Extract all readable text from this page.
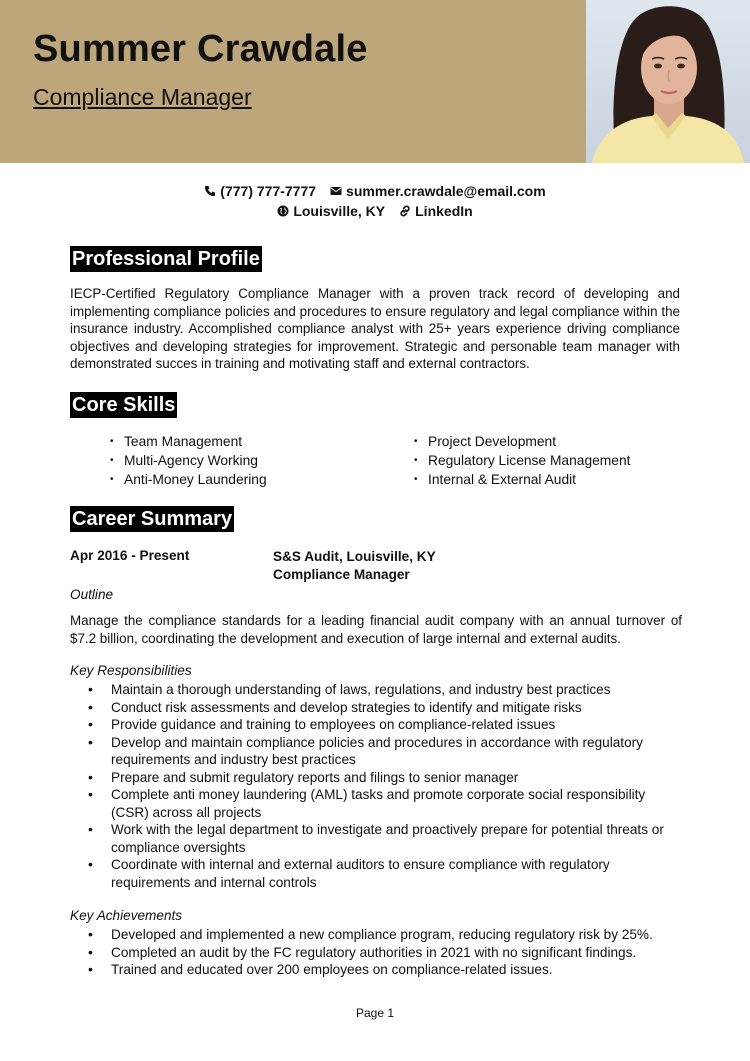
Summer Crawdale
Compliance Manager
(777) 777-7777 summer.crawdale@email.com
Louisville, KY LinkedIn
Professional Profile
IECP-Certified Regulatory Compliance Manager with a proven track record of developing and implementing compliance policies and procedures to ensure regulatory and legal compliance within the insurance industry. Accomplished compliance analyst with 25+ years experience driving compliance objectives and developing strategies for improvement. Strategic and personable team manager with demonstrated succes in training and motivating staff and external contractors.
Core Skills
• Team Management
• Multi-Agency Working
• Anti-Money Laundering
• Project Development
• Regulatory License Management
• Internal & External Audit
Career Summary
Apr 2016 - Present	S&S Audit, Louisville, KY
Compliance Manager
Outline
Manage the compliance standards for a leading financial audit company with an annual turnover of $7.2 billion, coordinating the development and execution of large internal and external audits.
Key Responsibilities
• Maintain a thorough understanding of laws, regulations, and industry best practices
• Conduct risk assessments and develop strategies to identify and mitigate risks
• Provide guidance and training to employees on compliance-related issues
• Develop and maintain compliance policies and procedures in accordance with regulatory requirements and industry best practices
• Prepare and submit regulatory reports and filings to senior manager
• Complete anti money laundering (AML) tasks and promote corporate social responsibility (CSR) across all projects
• Work with the legal department to investigate and proactively prepare for potential threats or compliance oversights
• Coordinate with internal and external auditors to ensure compliance with regulatory requirements and internal controls
Key Achievements
• Developed and implemented a new compliance program, reducing regulatory risk by 25%.
• Completed an audit by the FC regulatory authorities in 2021 with no significant findings.
• Trained and educated over 200 employees on compliance-related issues.
Page 1
